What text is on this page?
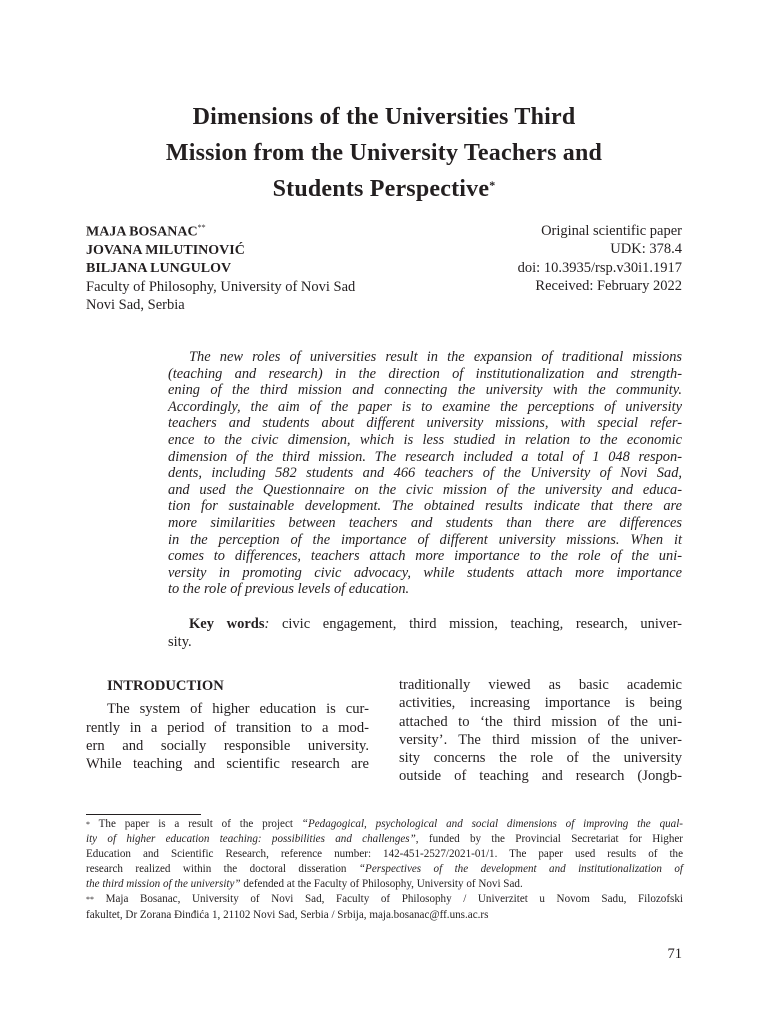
Dimensions of the Universities Third
Mission from the University Teachers and
Students Perspective*
MAJA BOSANAC**
JOVANA MILUTINOVIĆ
BILJANA LUNGULOV
Faculty of Philosophy, University of Novi Sad
Novi Sad, Serbia
Original scientific paper
UDK: 378.4
doi: 10.3935/rsp.v30i1.1917
Received: February 2022
The new roles of universities result in the expansion of traditional missions
(teaching and research) in the direction of institutionalization and strength-
ening of the third mission and connecting the university with the community.
Accordingly, the aim of the paper is to examine the perceptions of university
teachers and students about different university missions, with special refer-
ence to the civic dimension, which is less studied in relation to the economic
dimension of the third mission. The research included a total of 1 048 respon-
dents, including 582 students and 466 teachers of the University of Novi Sad,
and used the Questionnaire on the civic mission of the university and educa-
tion for sustainable development. The obtained results indicate that there are
more similarities between teachers and students than there are differences
in the perception of the importance of different university missions. When it
comes to differences, teachers attach more importance to the role of the uni-
versity in promoting civic advocacy, while students attach more importance
to the role of previous levels of education.
Key words: civic engagement, third mission, teaching, research, univer-
sity.
INTRODUCTION
The system of higher education is cur-
rently in a period of transition to a mod-
ern and socially responsible university.
While teaching and scientific research are
traditionally viewed as basic academic
activities, increasing importance is being
attached to ‘the third mission of the uni-
versity’. The third mission of the univer-
sity concerns the role of the university
outside of teaching and research (Jongb-
* The paper is a result of the project “Pedagogical, psychological and social dimensions of improving the qual-
ity of higher education teaching: possibilities and challenges”, funded by the Provincial Secretariat for Higher
Education and Scientific Research, reference number: 142-451-2527/2021-01/1. The paper used results of the
research realized within the doctoral disseration “Perspectives of the development and institutionalization of
the third mission of the university” defended at the Faculty of Philosophy, University of Novi Sad.
** Maja Bosanac, University of Novi Sad, Faculty of Philosophy / Univerzitet u Novom Sadu, Filozofski
fakultet, Dr Zorana Đinđića 1, 21102 Novi Sad, Serbia / Srbija, maja.bosanac@ff.uns.ac.rs
71
